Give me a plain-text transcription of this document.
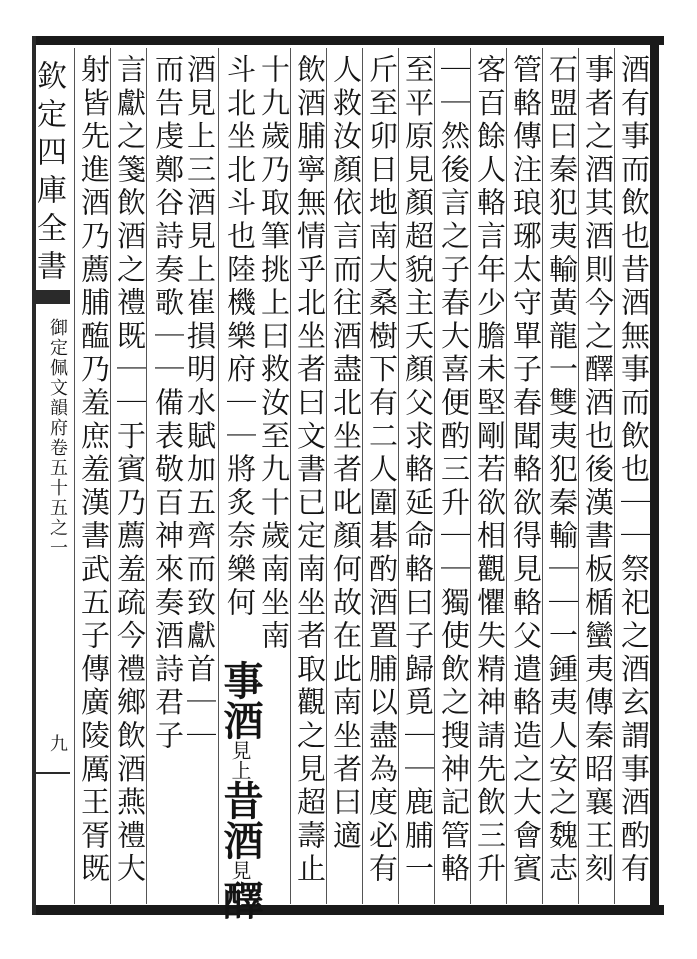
欽定四庫全書
御定佩文韻府卷五十五之一
九	酒有事而飲也昔酒無事而飲也｜｜祭祀之酒玄謂事酒酌有
事者之酒其酒則今之醳酒也後漢書板楯蠻夷傳秦昭襄王刻
石盟曰秦犯夷輸黃龍一雙夷犯秦輸｜｜一鍾夷人安之魏志
管輅傳注琅琊太守單子春聞輅欲得見輅父遣輅造之大會賓
客百餘人輅言年少膽未堅剛若欲相觀懼失精神請先飲三升
｜｜然後言之子春大喜便酌三升｜｜獨使飲之搜神記管輅
至平原見顏超貌主夭顏父求輅延命輅曰子歸覓｜｜鹿脯一
斤至卯日地南大桑樹下有二人圍碁酌酒置脯以盡為度必有
人救汝顏依言而往酒盡北坐者叱顏何故在此南坐者曰適
飲酒脯寧無情乎北坐者曰文書已定南坐者取觀之見超壽止
十九歲乃取筆挑上曰救汝至九十歲南坐南
事酒見上昔酒見醳
斗北坐北斗也陸機樂府｜｜將炙奈樂何
酒見上三酒見上崔損明水賦加五齊而致獻首｜｜
而告虔鄭谷詩奏歌｜｜備表敬百神來奏酒詩君子
言獻之箋飲酒之禮既｜｜于賓乃薦羞疏今禮鄉飲酒燕禮大
射皆先進酒乃薦脯醢乃羞庶羞漢書武五子傳廣陵厲王胥既
